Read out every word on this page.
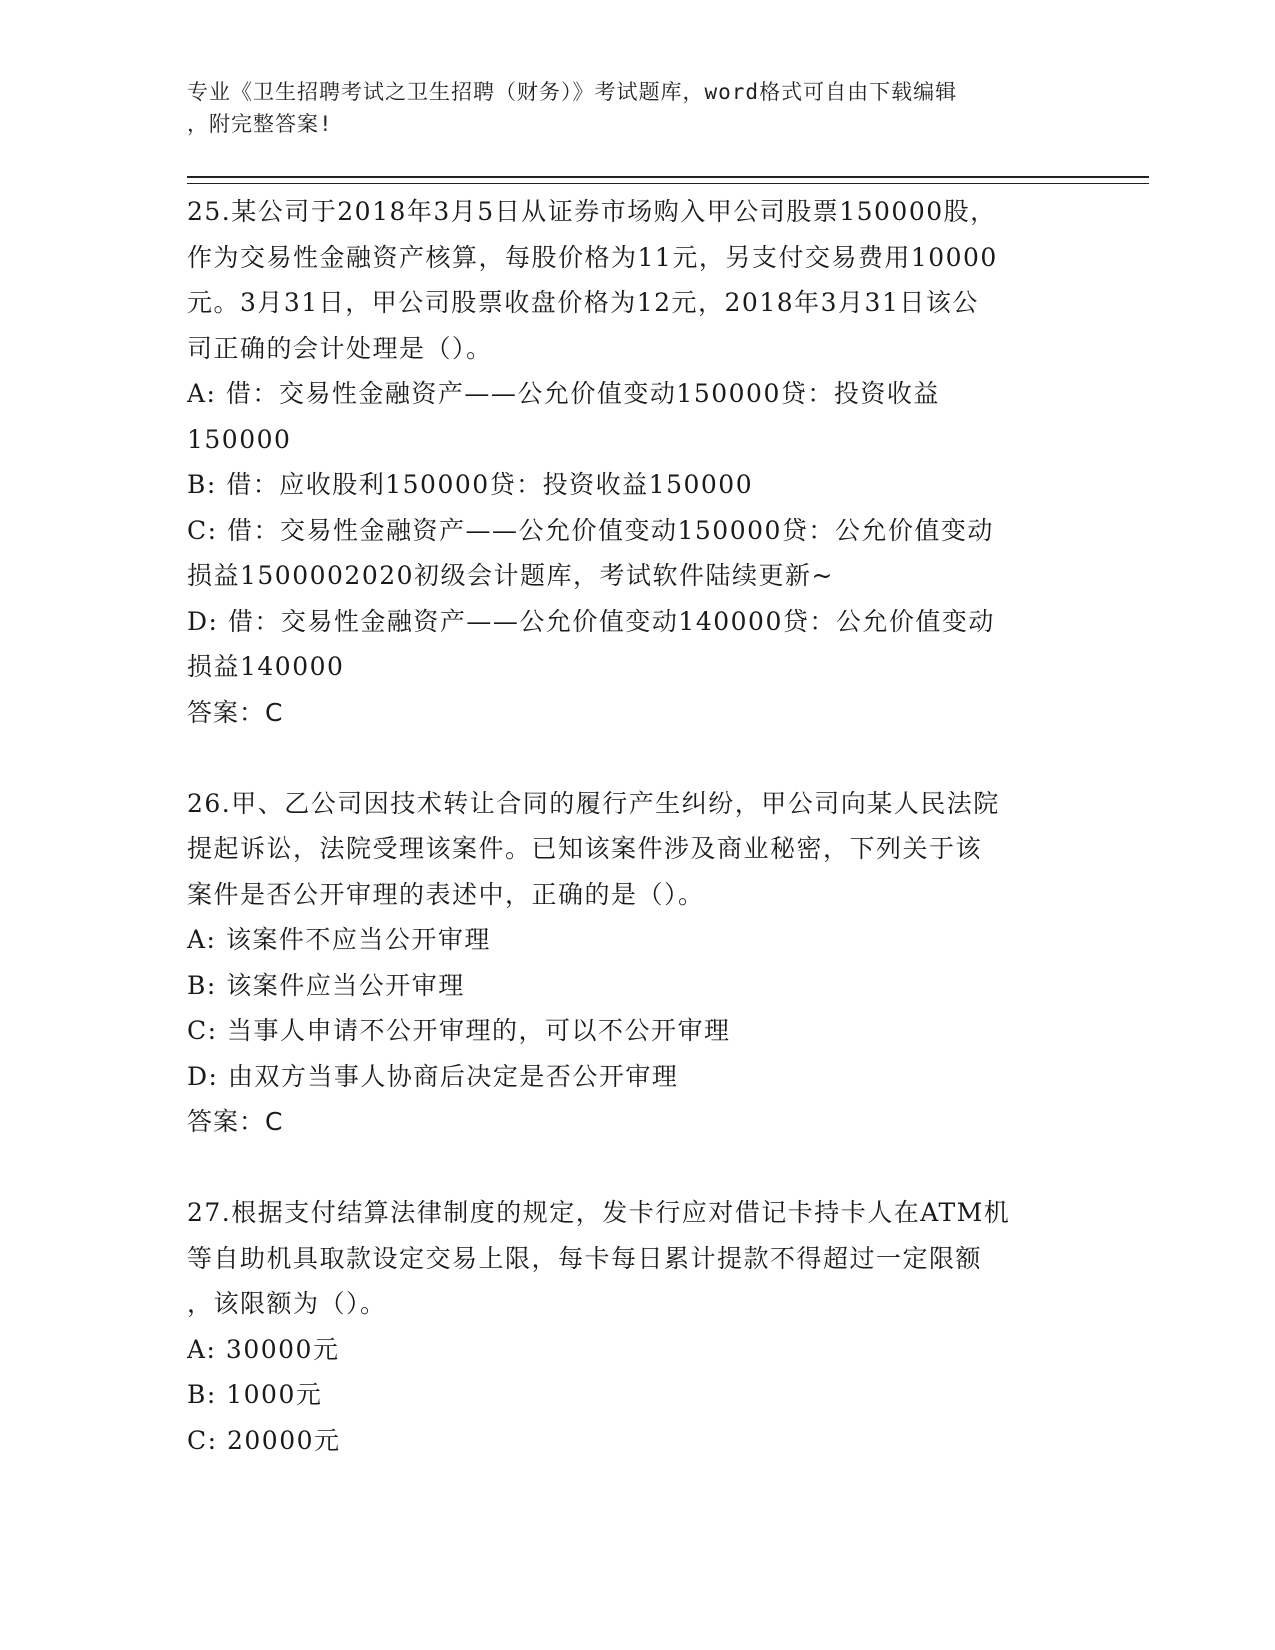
专业《卫生招聘考试之卫生招聘（财务）》考试题库，word格式可自由下载编辑
，附完整答案!
25.某公司于2018年3月5日从证券市场购入甲公司股票150000股，
作为交易性金融资产核算，每股价格为11元，另支付交易费用10000
元。3月31日，甲公司股票收盘价格为12元，2018年3月31日该公
司正确的会计处理是（）。
A: 借：交易性金融资产——公允价值变动150000贷：投资收益
150000
B: 借：应收股利150000贷：投资收益150000
C: 借：交易性金融资产——公允价值变动150000贷：公允价值变动
损益1500002020初级会计题库，考试软件陆续更新~
D: 借：交易性金融资产——公允价值变动140000贷：公允价值变动
损益140000
答案：C
26.甲、乙公司因技术转让合同的履行产生纠纷，甲公司向某人民法院
提起诉讼，法院受理该案件。已知该案件涉及商业秘密，下列关于该
案件是否公开审理的表述中，正确的是（）。
A: 该案件不应当公开审理
B: 该案件应当公开审理
C: 当事人申请不公开审理的，可以不公开审理
D: 由双方当事人协商后决定是否公开审理
答案：C
27.根据支付结算法律制度的规定，发卡行应对借记卡持卡人在ATM机
等自助机具取款设定交易上限，每卡每日累计提款不得超过一定限额
，该限额为（）。
A: 30000元
B: 1000元
C: 20000元
